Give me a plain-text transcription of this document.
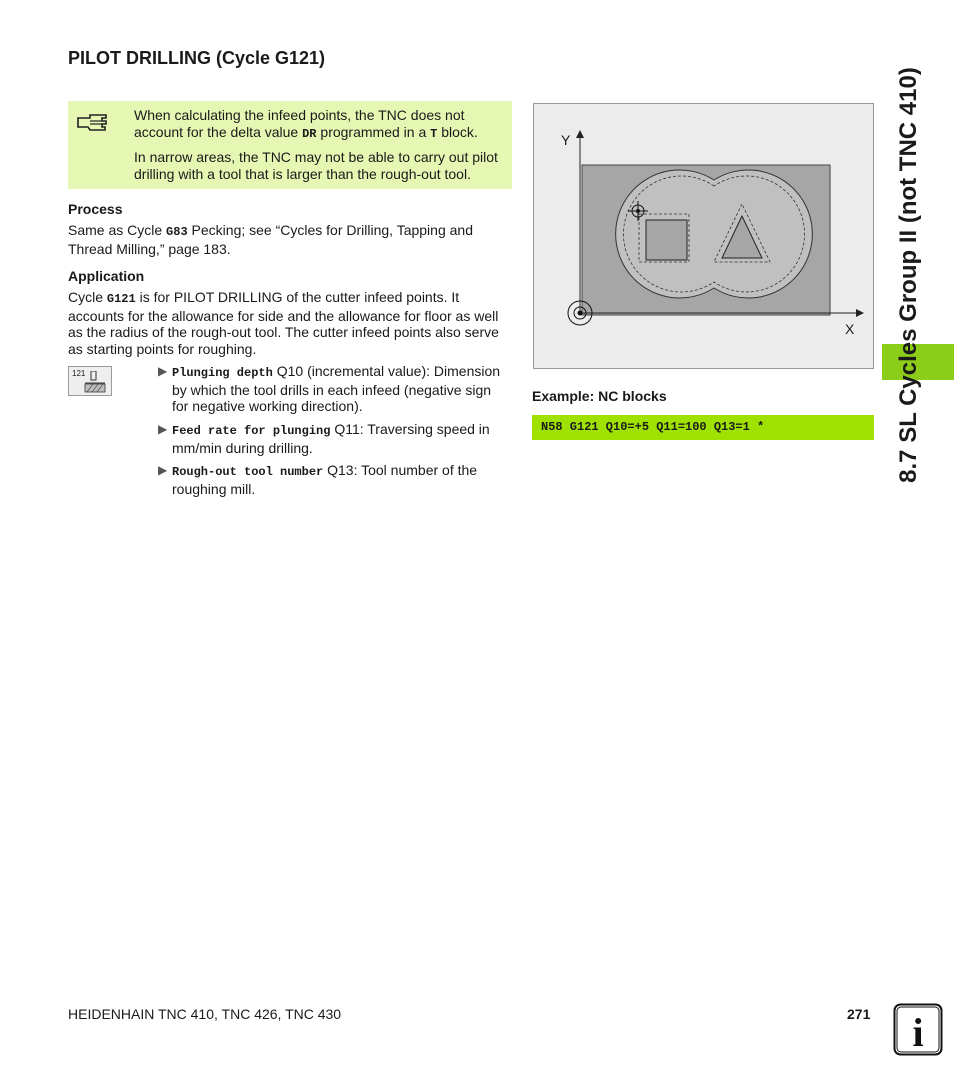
PILOT DRILLING (Cycle G121)
When calculating the infeed points, the TNC does not
account for the delta value DR programmed in a T block.
In narrow areas, the TNC may not be able to carry out pilot
drilling with a tool that is larger than the rough-out tool.
Process
Same as Cycle G83 Pecking; see “Cycles for Drilling, Tapping and
Thread Milling,” page 183.
Application
Cycle G121 is for PILOT DRILLING of the cutter infeed points. It
accounts for the allowance for side and the allowance for floor as well
as the radius of the rough-out tool. The cutter infeed points also serve
as starting points for roughing.
121	▶ Plunging depth Q10 (incremental value): Dimension
by which the tool drills in each infeed (negative sign
for negative working direction).
▶ Feed rate for plunging Q11: Traversing speed in
mm/min during drilling.
▶ Rough-out tool number Q13: Tool number of the
roughing mill.
Y
X
Example: NC blocks
N58 G121 Q10=+5 Q11=100 Q13=1 *	8.7 SL Cycles Group II (not TNC 410)
HEIDENHAIN TNC 410, TNC 426, TNC 430	271 i
